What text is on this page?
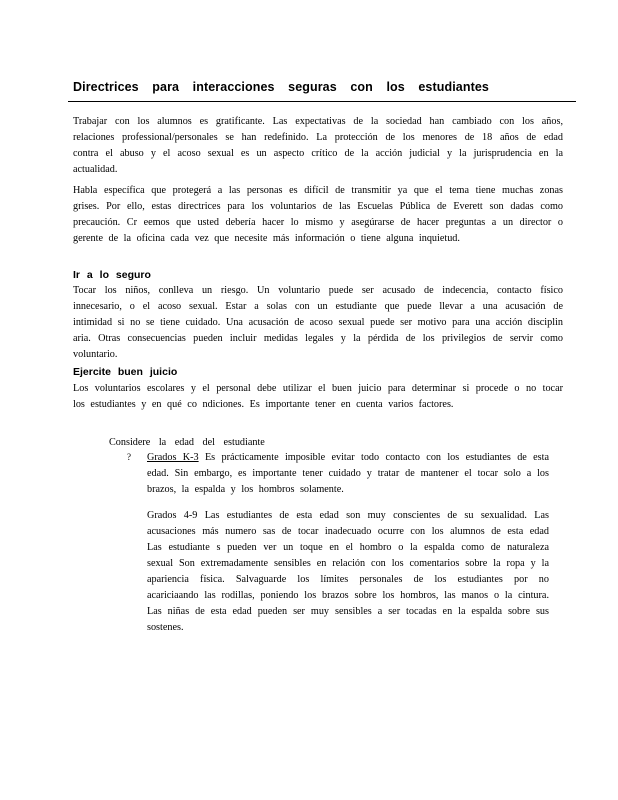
Directrices para interacciones seguras con los estudiantes
Trabajar con los alumnos es gratificante. Las expectativas de la sociedad han cambiado con los años, relaciones professional/personales se han redefinido. La protección de los menores de 18 años de edad contra el abuso y el acoso sexual es un aspecto crítico de la acción judicial y la jurisprudencia en la actualidad.
Habla específica que protegerá a las personas es difícil de transmitir ya que el tema tiene muchas zonas grises. Por ello, estas directrices para los voluntarios de las Escuelas Pública de Everett son dadas como precaución. Cr eemos que usted debería hacer lo mismo y asegúrarse de hacer preguntas a un director o gerente de la oficina cada vez que necesite más información o tiene alguna inquietud.
Ir a lo seguro
Tocar los niños, conlleva un riesgo. Un voluntario puede ser acusado de indecencia, contacto físico innecesario, o el acoso sexual. Estar a solas con un estudiante que puede llevar a una acusación de intimidad si no se tiene cuidado. Una acusación de acoso sexual puede ser motivo para una acción disciplin aria. Otras consecuencias pueden incluir medidas legales y la pérdida de los privilegios de servir como voluntario.
Ejercite buen juicio
Los voluntarios escolares y el personal debe utilizar el buen juicio para determinar si procede o no tocar los estudiantes y en qué co ndiciones. Es importante tener en cuenta varios factores.
Considere la edad del estudiante
? Grados K-3 Es prácticamente imposible evitar todo contacto con los estudiantes de esta edad. Sin embargo, es importante tener cuidado y tratar de mantener el tocar solo a los brazos, la espalda y los hombros solamente.
Grados 4-9 Las estudiantes de esta edad son muy conscientes de su sexualidad. Las acusaciones más numero sas de tocar inadecuado ocurre con los alumnos de esta edad Las estudiante s pueden ver un toque en el hombro o la espalda como de naturaleza sexual Son extremadamente sensibles en relación con los comentarios sobre la ropa y la apariencia física. Salvaguarde los límites personales de los estudiantes por no acariciaando las rodillas, poniendo los brazos sobre los hombros, las manos o la cintura. Las niñas de esta edad pueden ser muy sensibles a ser tocadas en la espalda sobre sus sostenes.
